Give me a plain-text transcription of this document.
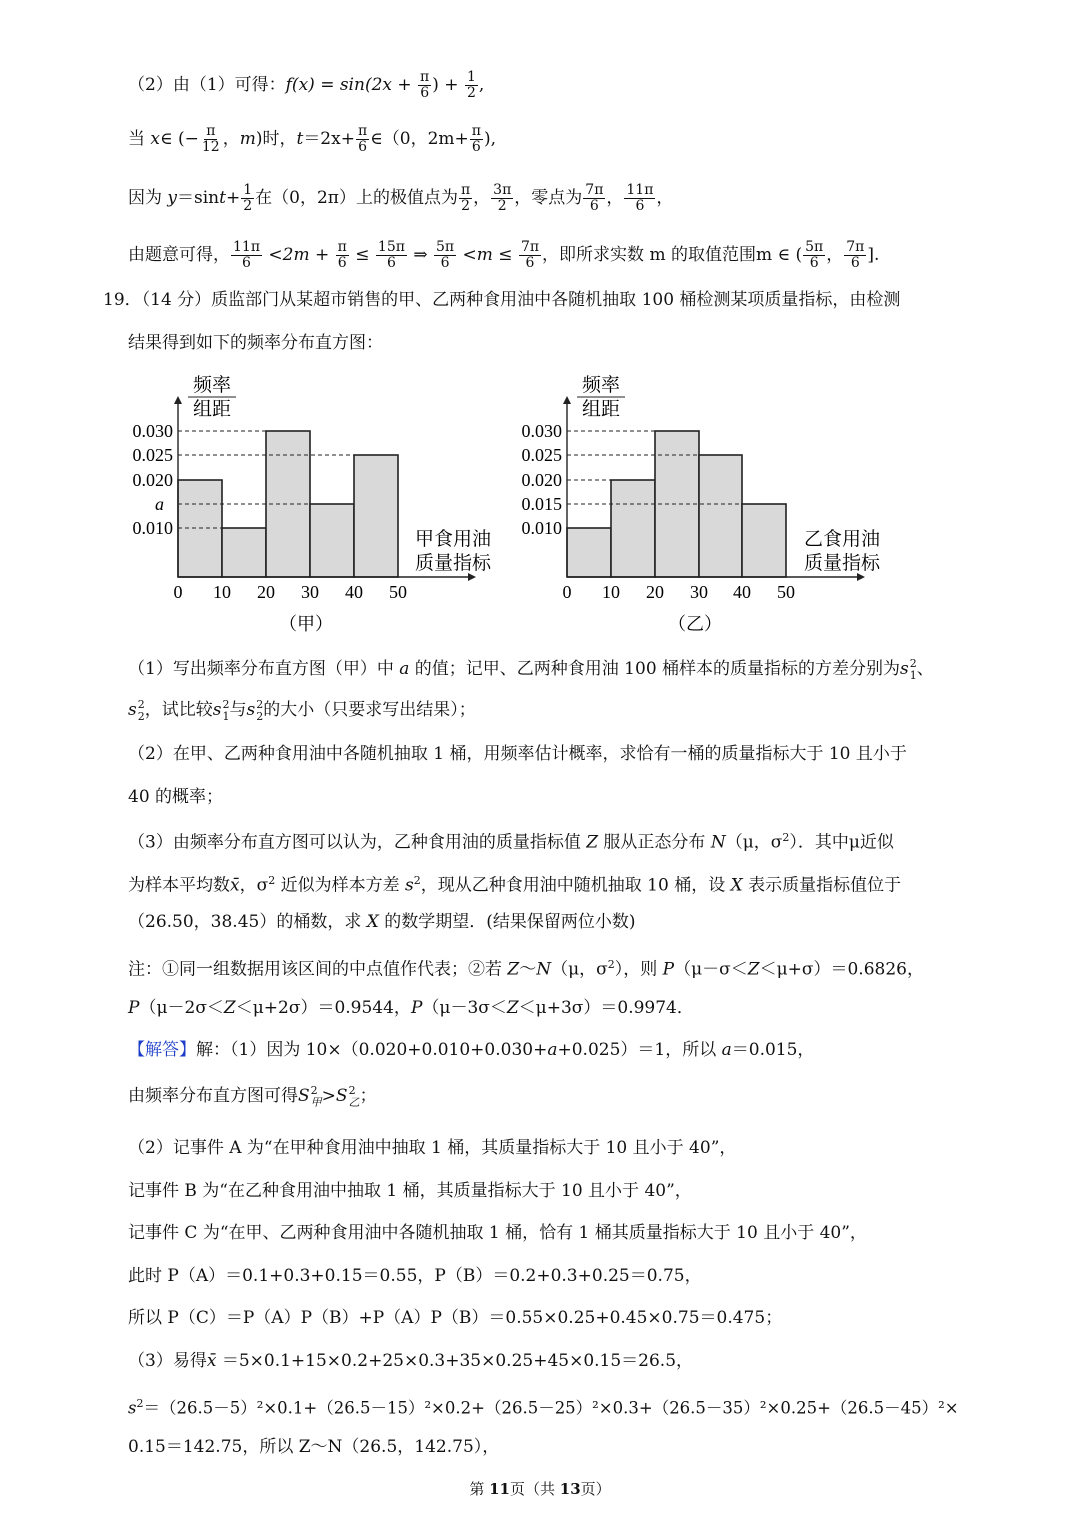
（2）由（1）可得：$f(x) = \sin(2x + \frac{\pi}{6}$ ) + $\frac{1}{2}$ ,
当 x∈ (− $\frac{\pi}{12}$ ，m)时，$t=2x+ \frac{\pi}{6}$ ∈（0，$2m+ \frac{\pi}{6}$ ),
因为 $y=\sin t+ \frac{1}{2}$ 在（0，2π）上的极值点为 $\frac{\pi}{2}$ ， $\frac{3\pi}{2}$ ，零点为 $\frac{7\pi}{6}$ ， $\frac{11\pi}{6}$ ，
由题意可得， $\frac{11\pi}{6} <2m + \frac{\pi}{6} \le \frac{15\pi}{6}$ ⇒ $\frac{5\pi}{6} <m \le \frac{7\pi}{6}$ ，即所求实数 m 的取值范围m ∈ ( $\frac{5\pi}{6}$ ， $\frac{7\pi}{6}$ ].
19．（14 分）质监部门从某超市销售的甲、乙两种食用油中各随机抽取 100 桶检测某项质量指标，由检测
结果得到如下的频率分布直方图：
频率
组距
0.030
0.025
0.020
a
0.010
0 10 20 30 40 50
甲食用油
质量指标
（甲）
频率
组距
0.030
0.025
0.020
0.015
0.010
0 10 20 30 40 50
乙食用油
质量指标
（乙）
（1）写出频率分布直方图（甲）中 a 的值；记甲、乙两种食用油 100 桶样本的质量指标的方差分别为s 2
1 、
s 2
2 ，试比较s 2
1 与s 2
2 的大小（只要求写出结果）；
（2）在甲、乙两种食用油中各随机抽取 1 桶，用频率估计概率，求恰有一桶的质量指标大于 10 且小于
40 的概率；
（3）由频率分布直方图可以认为，乙种食用油的质量指标值 Z 服从正态分布 N（μ，$\sigma^2$）．其中μ近似
为样本平均数x̄，$\sigma^2$ 近似为样本方差 $s^2$，现从乙种食用油中随机抽取 10 桶，设 X 表示质量指标值位于
（26.50，38.45）的桶数，求 X 的数学期望．(结果保留两位小数)
注：①同一组数据用该区间的中点值作代表；②若 Z～N（μ，$\sigma^2$），则 P（μ－σ＜Z＜μ+σ）＝0.6826，
P（μ－2σ＜Z＜μ+2σ）＝0.9544，P（μ－3σ＜Z＜μ+3σ）＝0.9974．
【解答】解：（1）因为 10×（0.020+0.010+0.030+a+0.025）＝1，所以 a＝0.015，
由频率分布直方图可得S 2
甲 >S 2
乙 ；
（2）记事件 A 为“在甲种食用油中抽取 1 桶，其质量指标大于 10 且小于 40”，
记事件 B 为“在乙种食用油中抽取 1 桶，其质量指标大于 10 且小于 40”，
记事件 C 为“在甲、乙两种食用油中各随机抽取 1 桶，恰有 1 桶其质量指标大于 10 且小于 40”，
此时 P（A）＝0.1+0.3+0.15＝0.55，P（B）＝0.2+0.3+0.25＝0.75，
所以 P（C）＝P（A）P（B）+P（A）P（B）＝0.55×0.25+0.45×0.75＝0.475；
（3）易得x̄ ＝5×0.1+15×0.2+25×0.3+35×0.25+45×0.15＝26.5，
$s^2=(26.5-5)^2\times 0.1+(26.5-15)^2\times 0.2+(26.5-25)^2\times 0.3+(26.5-35)^2\times 0.25+(26.5-45)^2\times$
0.15＝142.75，所以 Z～N（26.5，142.75），
第 11页（共 13页）
